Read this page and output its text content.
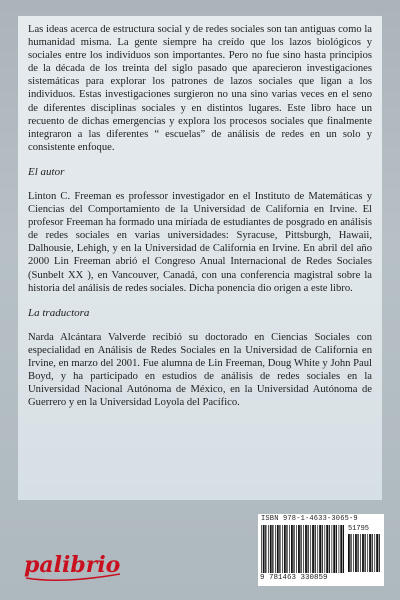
Las ideas acerca de estructura social y de redes sociales son tan antiguas como la humanidad misma. La gente siempre ha creído que los lazos biológicos y sociales entre los individuos son importantes. Pero no fue sino hasta principios de la década de los treinta del siglo pasado que aparecieron investigaciones sistemáticas para explorar los patrones de lazos sociales que ligan a los individuos. Estas investigaciones surgieron no una sino varias veces en el seno de diferentes disciplinas sociales y en distintos lugares. Este libro hace un recuento de dichas emergencias y explora los procesos sociales que finalmente integraron a las diferentes “ escuelas” de análisis de redes en un solo y consistente enfoque.

El autor

Linton C. Freeman es professor investigador en el Instituto de Matemáticas y Ciencias del Comportamiento de la Universidad de California en Irvine. El profesor Freeman ha formado una miríada de estudiantes de posgrado en análisis de redes sociales en varias universidades: Syracuse, Pittsburgh, Hawaii, Dalhousie, Lehigh, y en la Universidad de California en Irvine. En abril del año 2000 Lin Freeman abrió el Congreso Anual Internacional de Redes Sociales (Sunbelt XX ), en Vancouver, Canadá, con una conferencia magistral sobre la historia del análisis de redes sociales. Dicha ponencia dio origen a este libro.

La traductora

Narda Alcántara Valverde recibió su doctorado en Ciencias Sociales con especialidad en Análisis de Redes Sociales en la Universidad de California en Irvine, en marzo del 2001. Fue alumna de Lin Freeman, Doug White y John Paul Boyd, y ha participado en estudios de análisis de redes sociales en la Universidad Nacional Autónoma de México, en la Universidad Autónoma de Guerrero y en la Universidad Loyola del Pacífico.

palibrio
ISBN 978-1-4633-3065-9
51795
9 781463 330859
